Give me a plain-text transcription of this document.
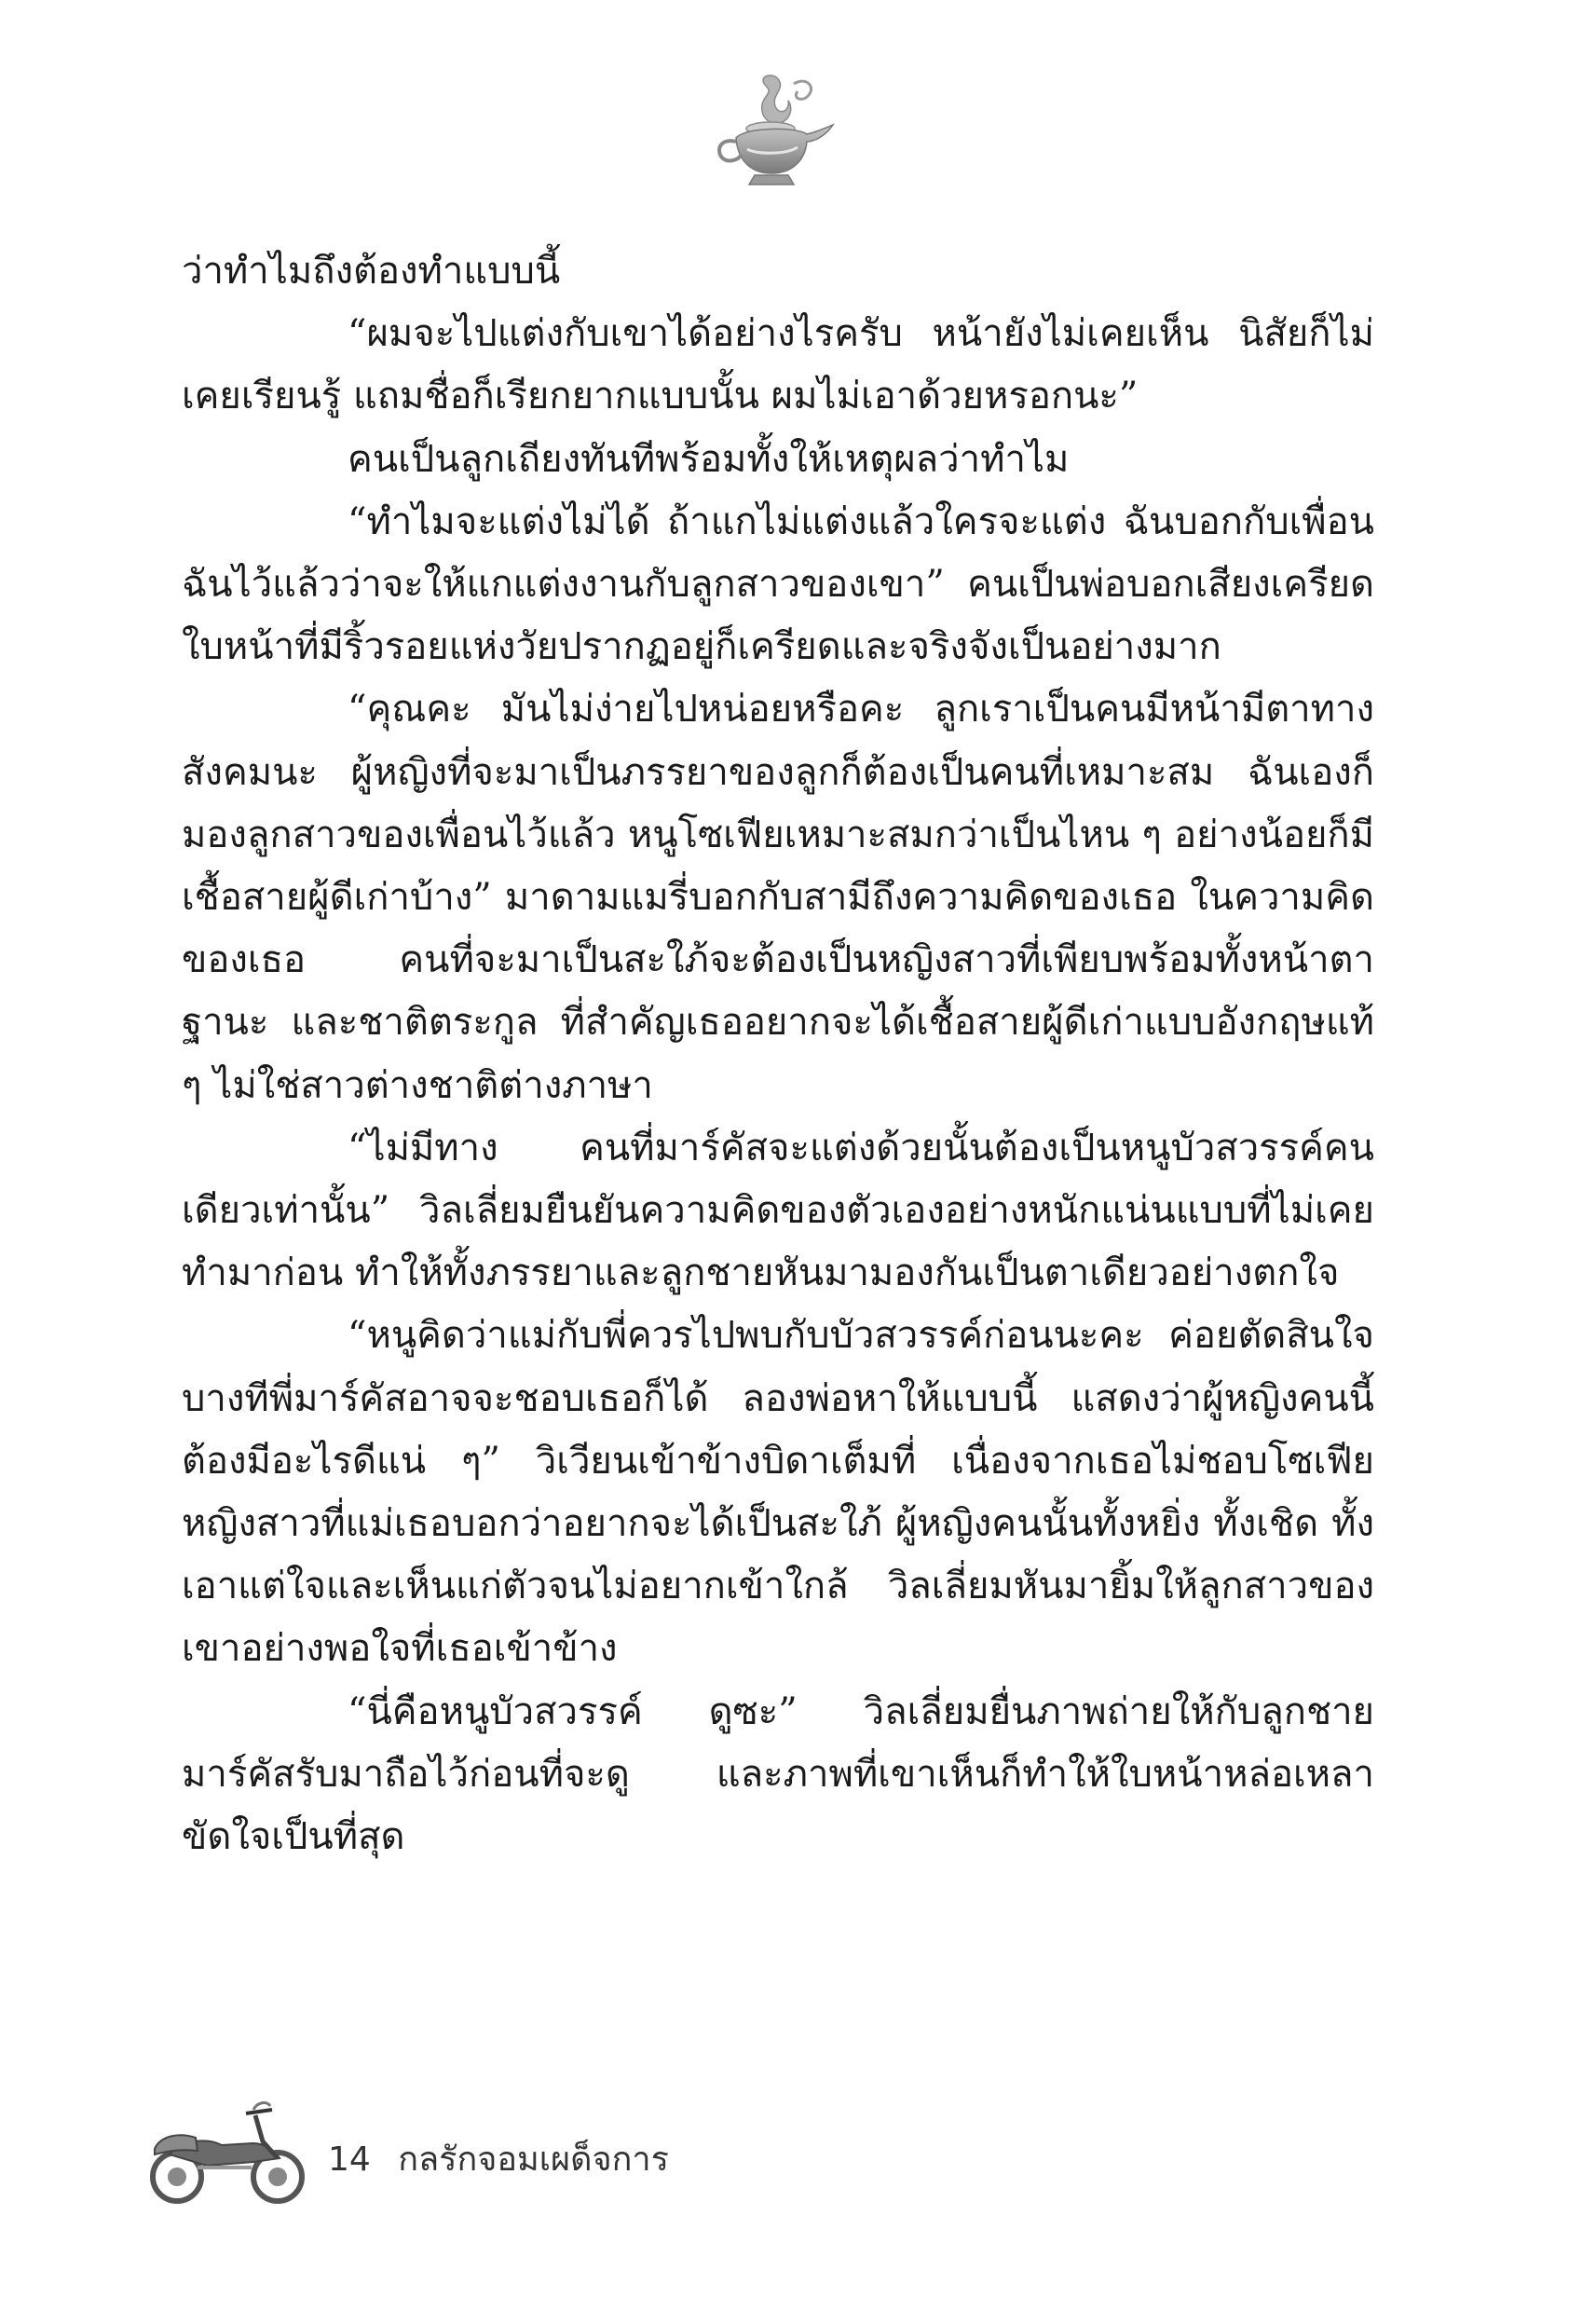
ว่าทำไมถึงต้องทำแบบนี้

“ผมจะไปแต่งกับเขาได้อย่างไรครับ หน้ายังไม่เคยเห็น นิสัยก็ไม่เคยเรียนรู้ แถมชื่อก็เรียกยากแบบนั้น ผมไม่เอาด้วยหรอกนะ”

คนเป็นลูกเถียงทันทีพร้อมทั้งให้เหตุผลว่าทำไม

“ทำไมจะแต่งไม่ได้ ถ้าแกไม่แต่งแล้วใครจะแต่ง ฉันบอกกับเพื่อนฉันไว้แล้วว่าจะให้แกแต่งงานกับลูกสาวของเขา” คนเป็นพ่อบอกเสียงเครียด ใบหน้าที่มีริ้วรอยแห่งวัยปรากฏอยู่ก็เครียดและจริงจังเป็นอย่างมาก

“คุณคะ มันไม่ง่ายไปหน่อยหรือคะ ลูกเราเป็นคนมีหน้ามีตาทางสังคมนะ ผู้หญิงที่จะมาเป็นภรรยาของลูกก็ต้องเป็นคนที่เหมาะสม ฉันเองก็มองลูกสาวของเพื่อนไว้แล้ว หนูโซเฟียเหมาะสมกว่าเป็นไหน ๆ อย่างน้อยก็มีเชื้อสายผู้ดีเก่าบ้าง” มาดามแมรี่บอกกับสามีถึงความคิดของเธอ ในความคิดของเธอ คนที่จะมาเป็นสะใภ้จะต้องเป็นหญิงสาวที่เพียบพร้อมทั้งหน้าตา ฐานะ และชาติตระกูล ที่สำคัญเธออยากจะได้เชื้อสายผู้ดีเก่าแบบอังกฤษแท้ ๆ ไม่ใช่สาวต่างชาติต่างภาษา

“ไม่มีทาง คนที่มาร์คัสจะแต่งด้วยนั้นต้องเป็นหนูบัวสวรรค์คนเดียวเท่านั้น” วิลเลี่ยมยืนยันความคิดของตัวเองอย่างหนักแน่นแบบที่ไม่เคยทำมาก่อน ทำให้ทั้งภรรยาและลูกชายหันมามองกันเป็นตาเดียวอย่างตกใจ

“หนูคิดว่าแม่กับพี่ควรไปพบกับบัวสวรรค์ก่อนนะคะ ค่อยตัดสินใจ บางทีพี่มาร์คัสอาจจะชอบเธอก็ได้ ลองพ่อหาให้แบบนี้ แสดงว่าผู้หญิงคนนี้ต้องมีอะไรดีแน่ ๆ” วิเวียนเข้าข้างบิดาเต็มที่ เนื่องจากเธอไม่ชอบโซเฟีย หญิงสาวที่แม่เธอบอกว่าอยากจะได้เป็นสะใภ้ ผู้หญิงคนนั้นทั้งหยิ่ง ทั้งเชิด ทั้งเอาแต่ใจและเห็นแก่ตัวจนไม่อยากเข้าใกล้ วิลเลี่ยมหันมายิ้มให้ลูกสาวของเขาอย่างพอใจที่เธอเข้าข้าง

“นี่คือหนูบัวสวรรค์ ดูซะ” วิลเลี่ยมยื่นภาพถ่ายให้กับลูกชาย มาร์คัสรับมาถือไว้ก่อนที่จะดู และภาพที่เขาเห็นก็ทำให้ใบหน้าหล่อเหลาขัดใจเป็นที่สุด

14 กลรักจอมเผด็จการ
